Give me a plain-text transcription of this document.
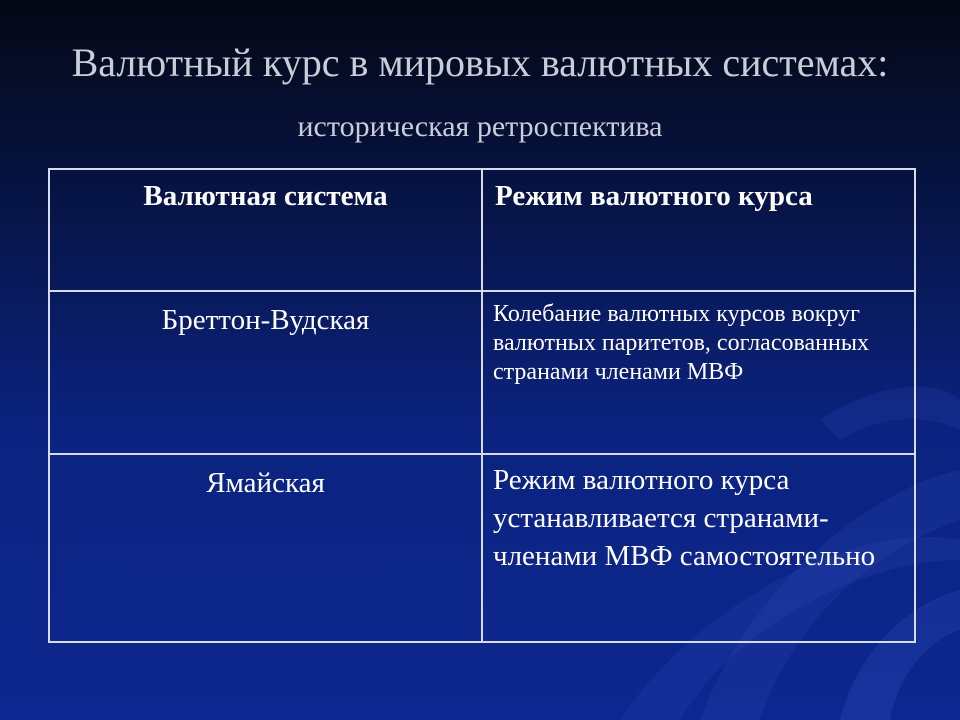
Валютный курс в мировых валютных системах:
историческая ретроспектива
Валютная система	Режим валютного курса
Бреттон-Вудская	Колебание валютных курсов вокруг валютных паритетов, согласованных странами членами МВФ
Ямайская	Режим валютного курса устанавливается странами-членами МВФ самостоятельно
